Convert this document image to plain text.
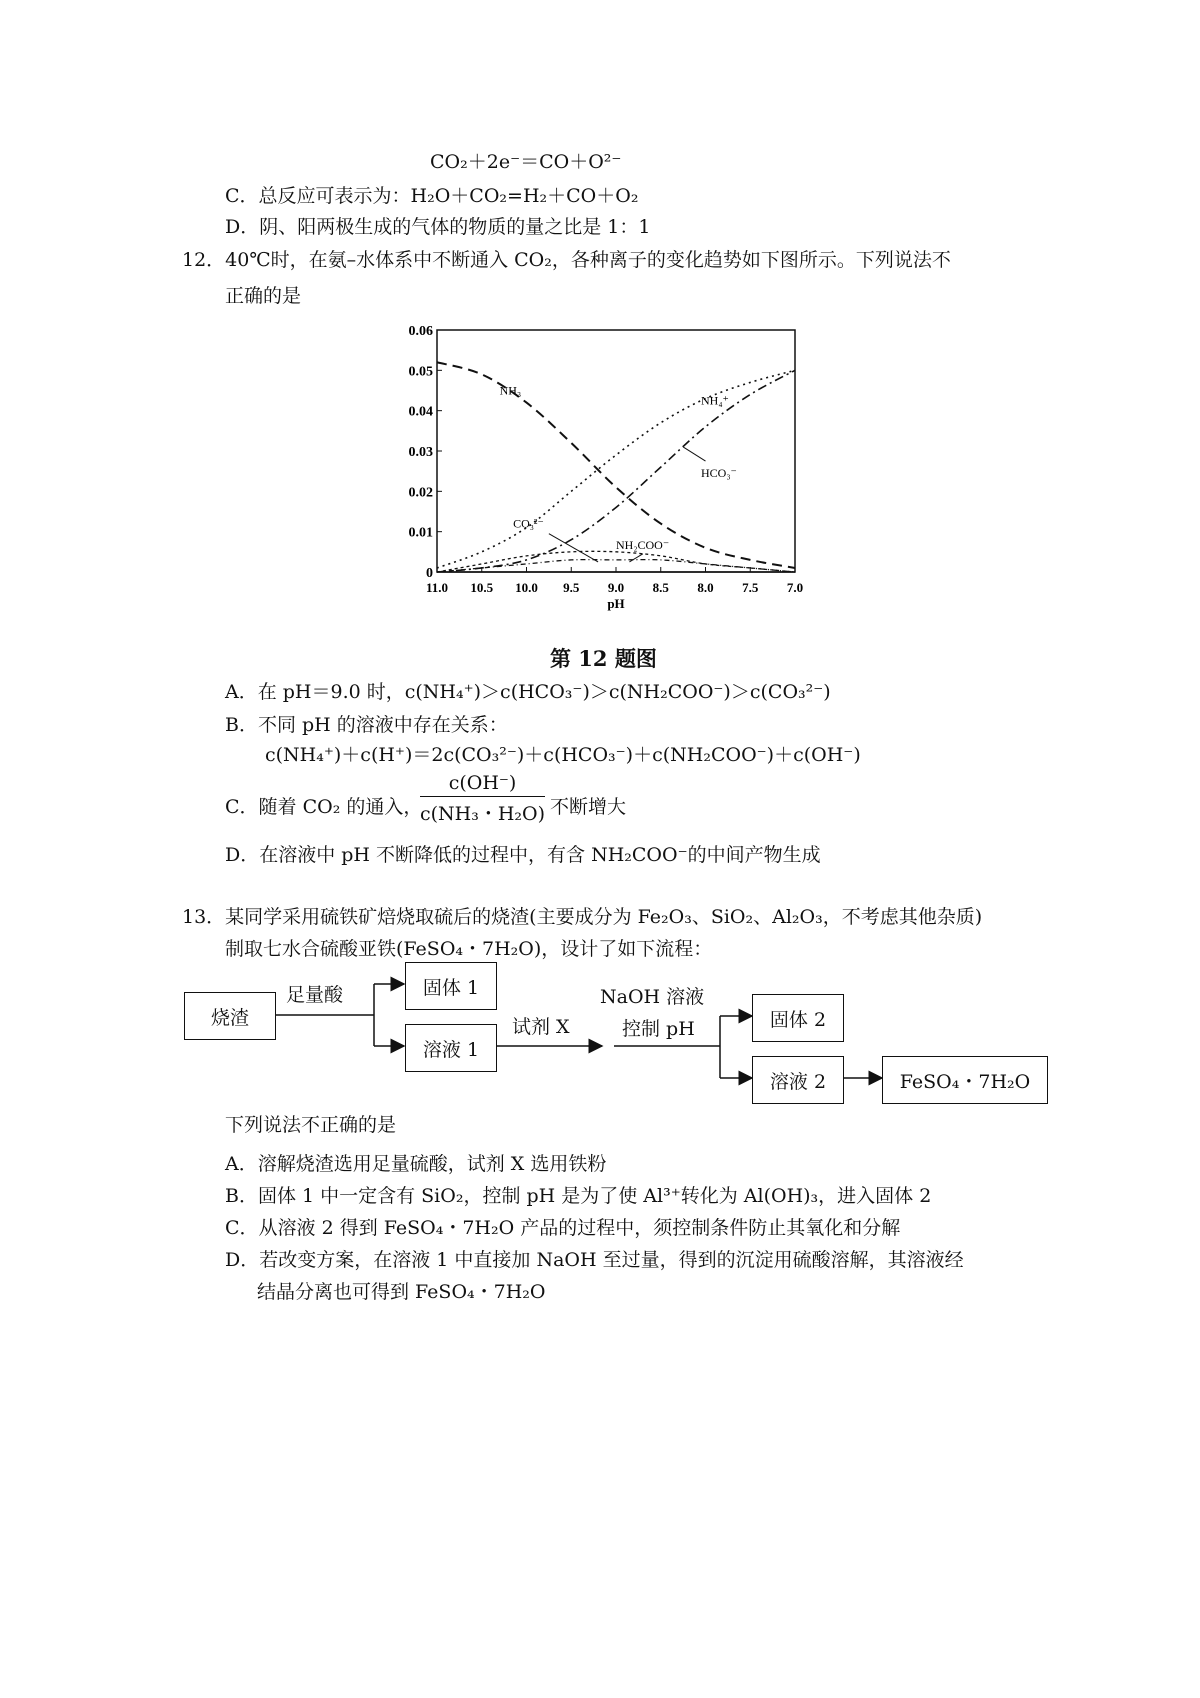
CO₂＋2e⁻＝CO＋O²⁻
C．总反应可表示为：H₂O＋CO₂=H₂＋CO＋O₂
D．阴、阳两极生成的气体的物质的量之比是 1：1
12．40℃时，在氨–水体系中不断通入 CO₂，各种离子的变化趋势如下图所示。下列说法不
正确的是
0
0.01
0.02
0.03
0.04
0.05
0.06
11.0 10.5 10.0 9.5 9.0 8.5 8.0 7.5 7.0
pH
NH₃
NH₄⁺
HCO₃⁻
CO₃²⁻
NH₂COO⁻
第 12 题图
A．在 pH＝9.0 时，c(NH₄⁺)＞c(HCO₃⁻)＞c(NH₂COO⁻)＞c(CO₃²⁻)
B．不同 pH 的溶液中存在关系：
c(NH₄⁺)＋c(H⁺)＝2c(CO₃²⁻)＋c(HCO₃⁻)＋c(NH₂COO⁻)＋c(OH⁻)
C．随着 CO₂ 的通入，
$\frac{c(OH^-)}{\text{c(NH₃・H₂O)}}$ 不断增大
D．在溶液中 pH 不断降低的过程中，有含 NH₂COO⁻的中间产物生成
13．某同学采用硫铁矿焙烧取硫后的烧渣(主要成分为 Fe₂O₃、SiO₂、Al₂O₃，不考虑其他杂质)
制取七水合硫酸亚铁(FeSO₄・7H₂O)，设计了如下流程：
烧渣
足量酸	固体 1
溶液 1
试剂 X
NaOH 溶液
控制 pH	固体 2
溶液 2	FeSO₄・7H₂O
下列说法不正确的是
A．溶解烧渣选用足量硫酸，试剂 X 选用铁粉
B．固体 1 中一定含有 SiO₂，控制 pH 是为了使 Al³⁺转化为 Al(OH)₃，进入固体 2
C．从溶液 2 得到 FeSO₄・7H₂O 产品的过程中，须控制条件防止其氧化和分解
D．若改变方案，在溶液 1 中直接加 NaOH 至过量，得到的沉淀用硫酸溶解，其溶液经
结晶分离也可得到 FeSO₄・7H₂O
